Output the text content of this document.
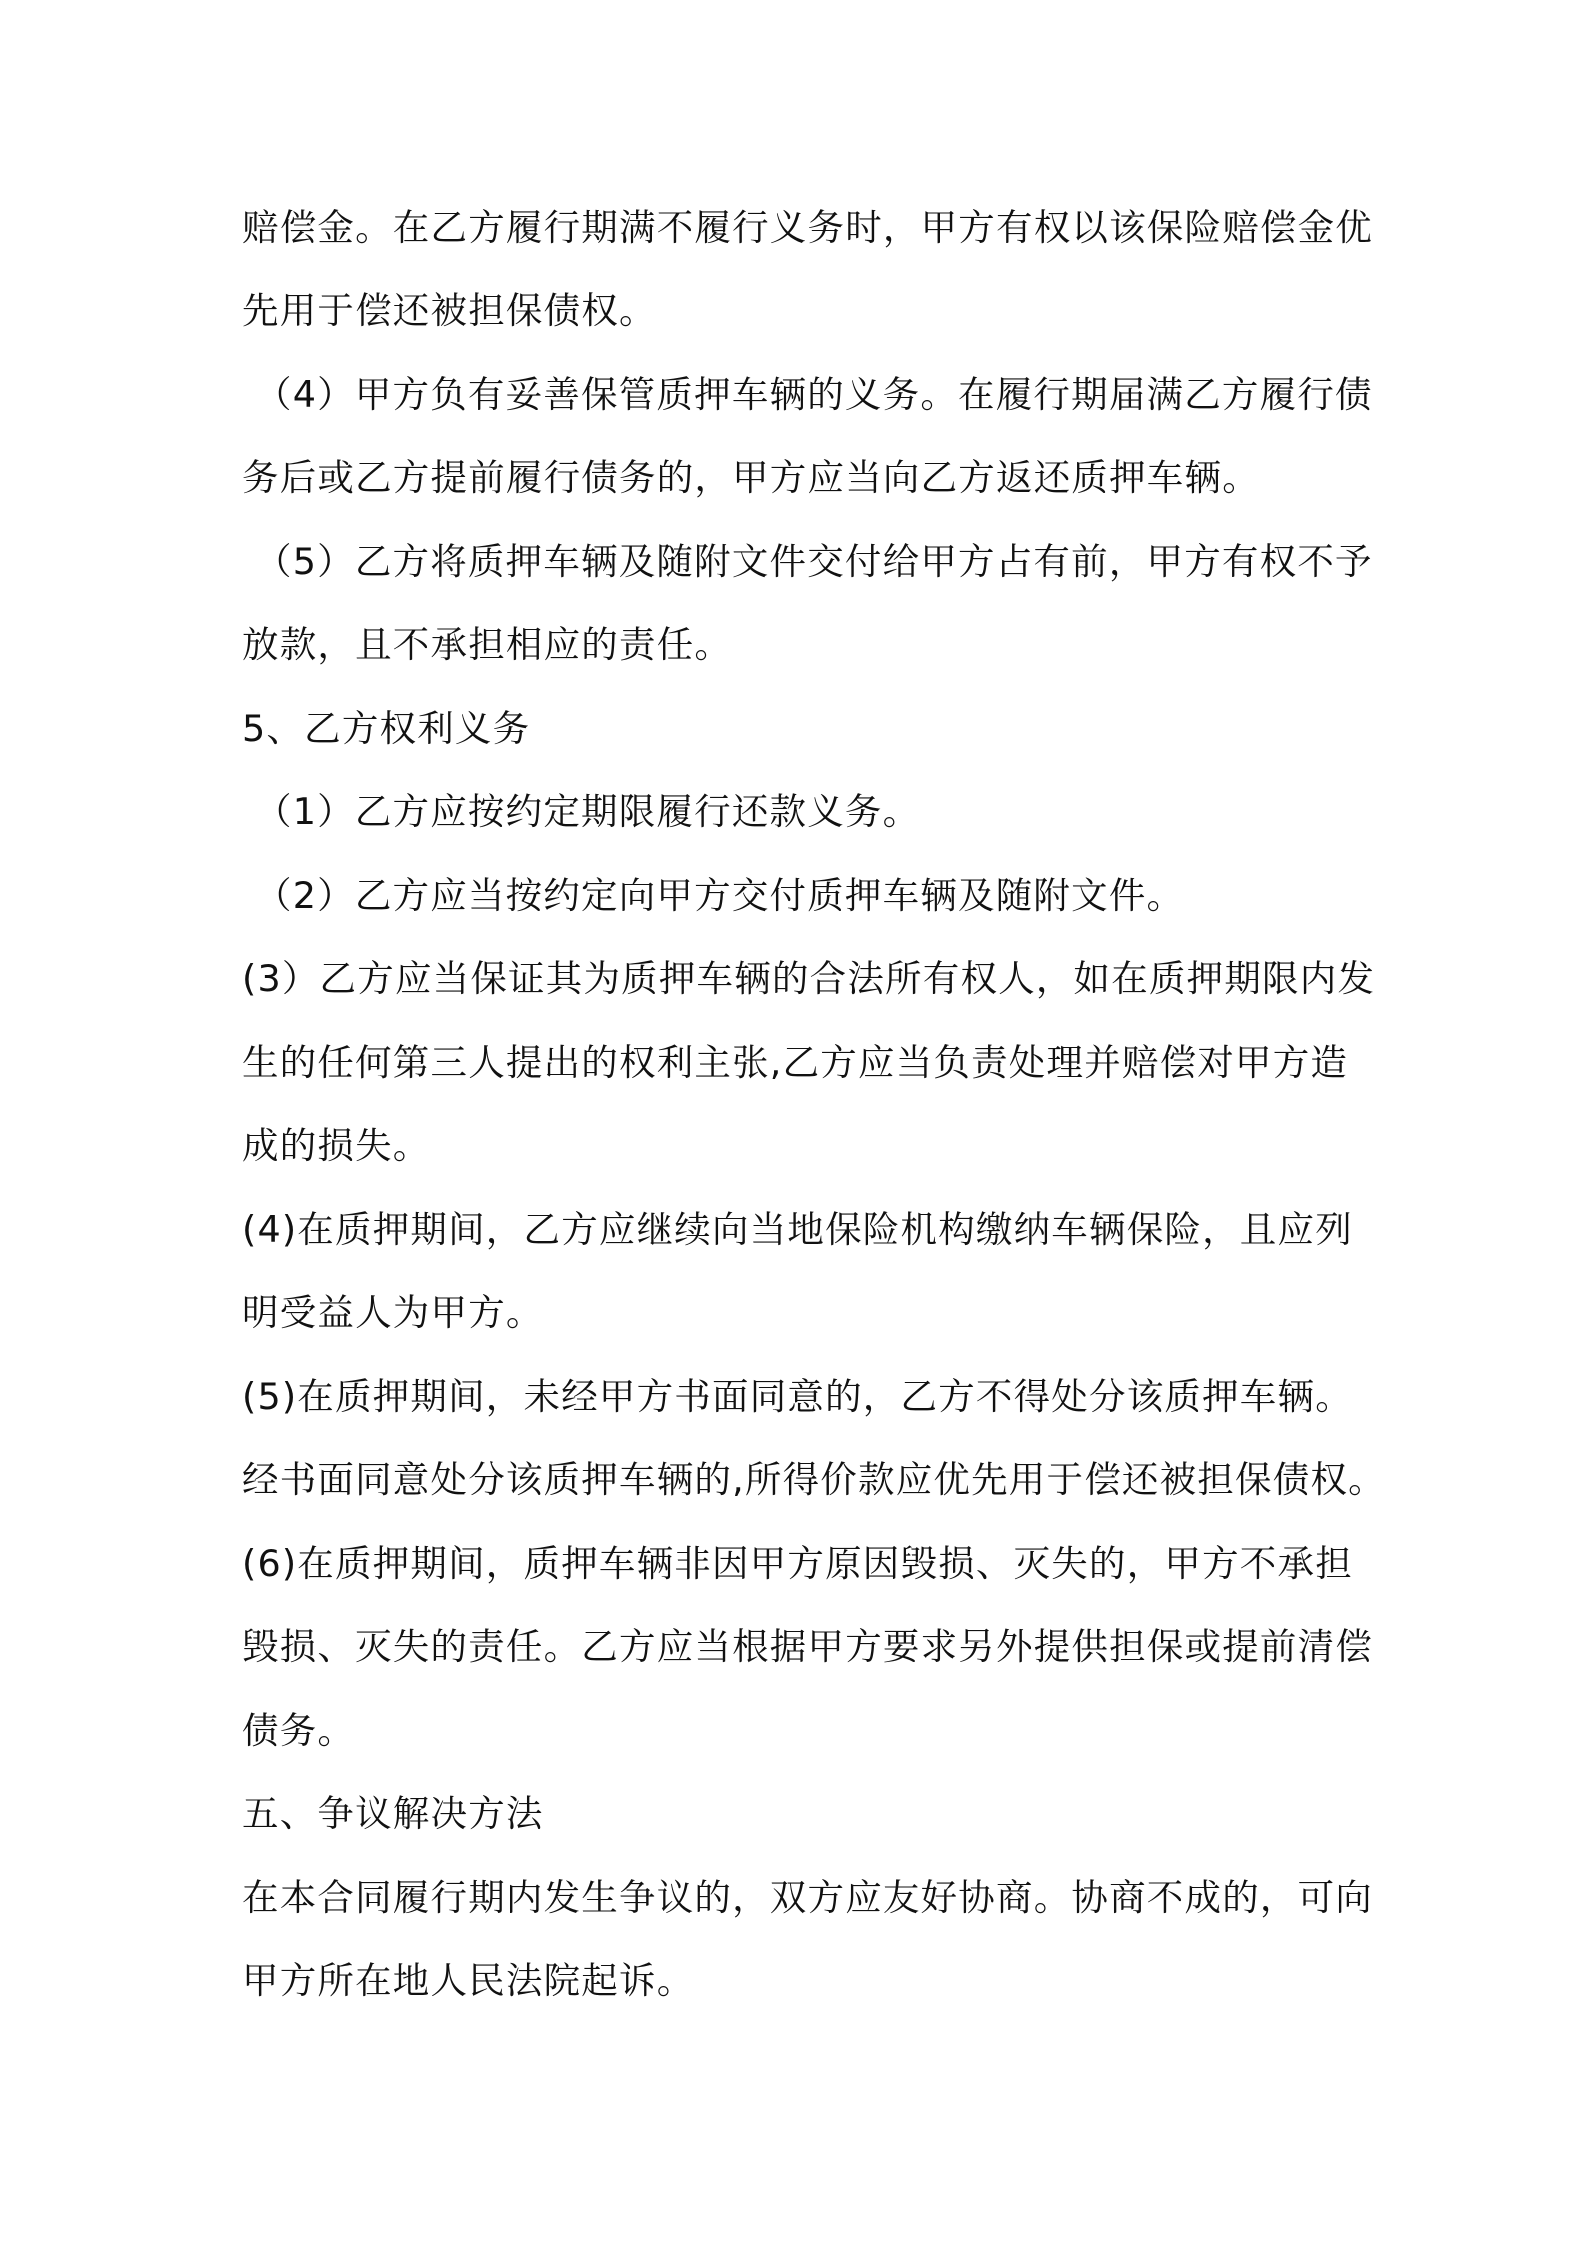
赔偿金。在乙方履行期满不履行义务时，甲方有权以该保险赔偿金优

先用于偿还被担保债权。

（4）甲方负有妥善保管质押车辆的义务。在履行期届满乙方履行债

务后或乙方提前履行债务的，甲方应当向乙方返还质押车辆。

（5）乙方将质押车辆及随附文件交付给甲方占有前，甲方有权不予

放款，且不承担相应的责任。

5、乙方权利义务

（1）乙方应按约定期限履行还款义务。

（2）乙方应当按约定向甲方交付质押车辆及随附文件。

(3）乙方应当保证其为质押车辆的合法所有权人，如在质押期限内发

生的任何第三人提出的权利主张,乙方应当负责处理并赔偿对甲方造

成的损失。

(4)在质押期间，乙方应继续向当地保险机构缴纳车辆保险，且应列

明受益人为甲方。

(5)在质押期间，未经甲方书面同意的，乙方不得处分该质押车辆。

经书面同意处分该质押车辆的,所得价款应优先用于偿还被担保债权。

(6)在质押期间，质押车辆非因甲方原因毁损、灭失的，甲方不承担

毁损、灭失的责任。乙方应当根据甲方要求另外提供担保或提前清偿

债务。

五、争议解决方法

在本合同履行期内发生争议的，双方应友好协商。协商不成的，可向

甲方所在地人民法院起诉。
